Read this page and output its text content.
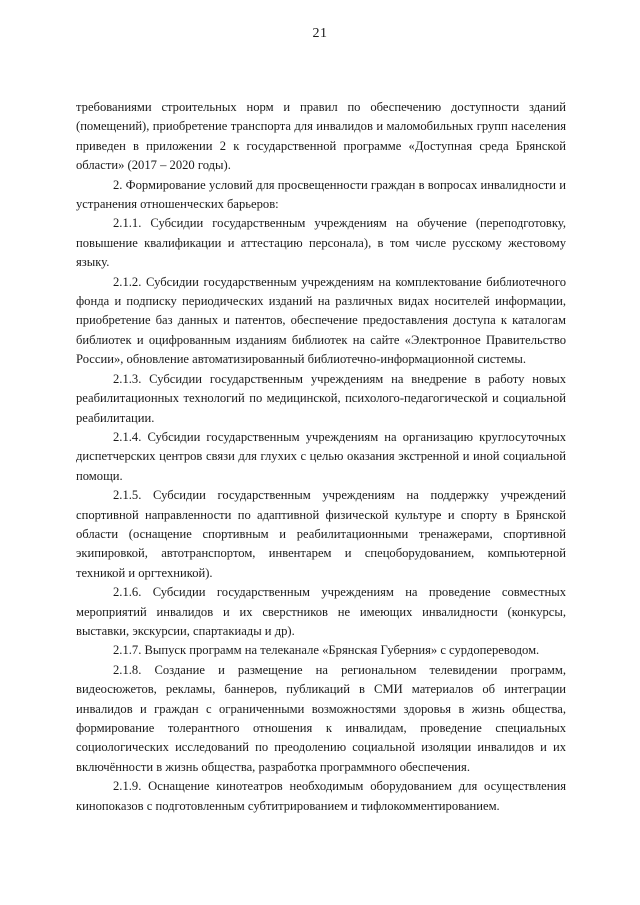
21

требованиями строительных норм и правил по обеспечению доступности зданий (помещений), приобретение транспорта для инвалидов и маломобильных групп населения приведен в приложении 2 к государственной программе «Доступная среда Брянской области» (2017 – 2020 годы).

2. Формирование условий для просвещенности граждан в вопросах инвалидности и устранения отношенческих барьеров:

2.1.1. Субсидии государственным учреждениям на обучение (переподготовку, повышение квалификации и аттестацию персонала), в том числе русскому жестовому языку.

2.1.2. Субсидии государственным учреждениям на комплектование библиотечного фонда и подписку периодических изданий на различных видах носителей информации, приобретение баз данных и патентов, обеспечение предоставления доступа к каталогам библиотек и оцифрованным изданиям библиотек на сайте «Электронное Правительство России», обновление автоматизированный библиотечно-информационной системы.

2.1.3. Субсидии государственным учреждениям на внедрение в работу новых реабилитационных технологий по медицинской, психолого-педагогической и социальной реабилитации.

2.1.4. Субсидии государственным учреждениям на организацию круглосуточных диспетчерских центров связи для глухих с целью оказания экстренной и иной социальной помощи.

2.1.5. Субсидии государственным учреждениям на поддержку учреждений спортивной направленности по адаптивной физической культуре и спорту в Брянской области (оснащение спортивным и реабилитационными тренажерами, спортивной экипировкой, автотранспортом, инвентарем и спецоборудованием, компьютерной техникой и оргтехникой).

2.1.6. Субсидии государственным учреждениям на проведение совместных мероприятий инвалидов и их сверстников не имеющих инвалидности (конкурсы, выставки, экскурсии, спартакиады и др).

2.1.7. Выпуск программ на телеканале «Брянская Губерния» с сурдопереводом.

2.1.8. Создание и размещение на региональном телевидении программ, видеосюжетов, рекламы, баннеров, публикаций в СМИ материалов об интеграции инвалидов и граждан с ограниченными возможностями здоровья в жизнь общества, формирование толерантного отношения к инвалидам, проведение специальных социологических исследований по преодолению социальной изоляции инвалидов и их включённости в жизнь общества, разработка программного обеспечения.

2.1.9. Оснащение кинотеатров необходимым оборудованием для осуществления кинопоказов с подготовленным субтитрированием и тифлокомментированием.
